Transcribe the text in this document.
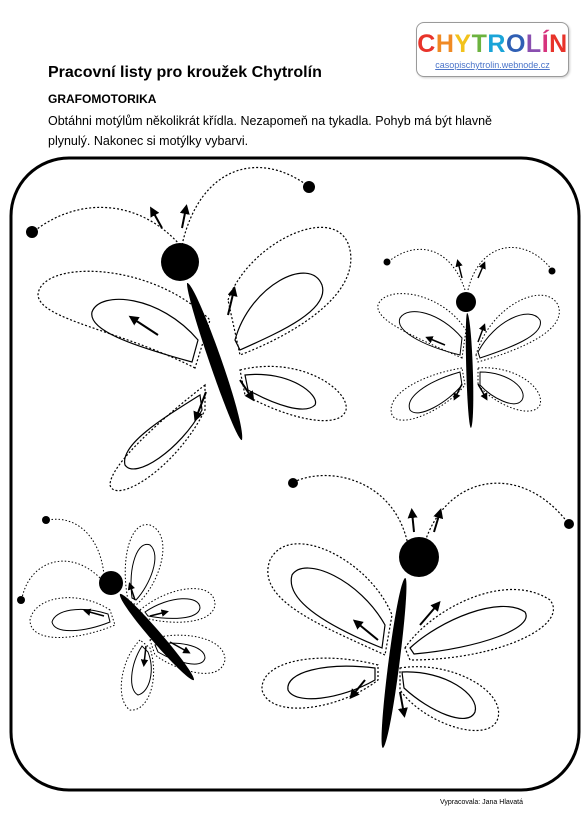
CHYTROLÍN
casopischytrolin.webnode.cz
Pracovní listy pro kroužek Chytrolín
GRAFOMOTORIKA
Obtáhni motýlům několikrát křídla. Nezapomeň na tykadla. Pohyb má být hlavně
plynulý. Nakonec si motýlky vybarvi.
Vypracovala: Jana Hlavatá
